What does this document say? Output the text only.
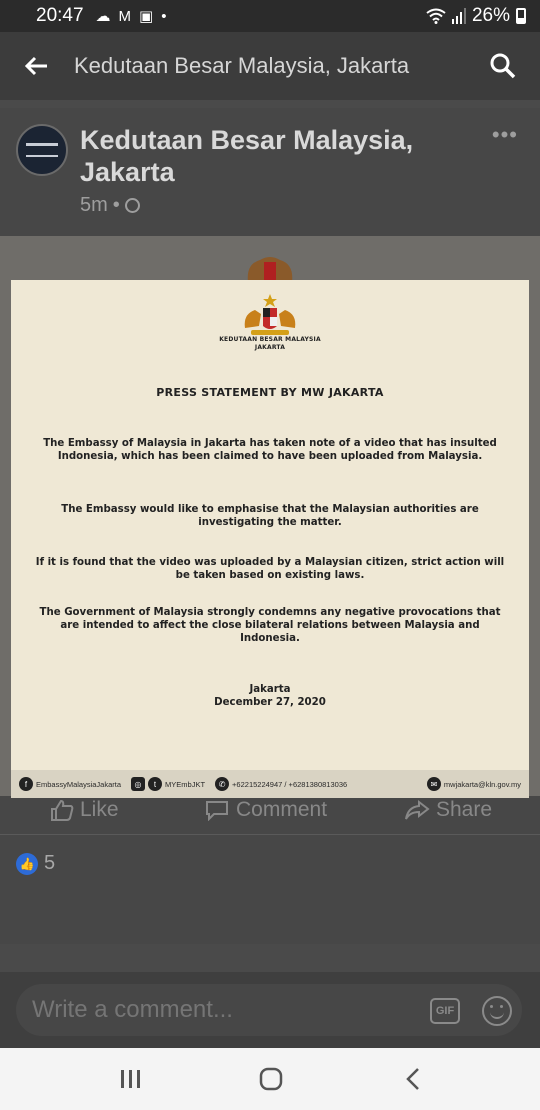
20:47 ☁ M ▣ •	26%
Kedutaan Besar Malaysia, Jakarta
Kedutaan Besar Malaysia, Jakarta
5m •
•••
Like	Comment	Share
👍 5
KEDUTAAN BESAR MALAYSIA
JAKARTA
PRESS STATEMENT BY MW JAKARTA
The Embassy of Malaysia in Jakarta has taken note of a video that has insulted Indonesia, which has been claimed to have been uploaded from Malaysia.
The Embassy would like to emphasise that the Malaysian authorities are investigating the matter.
If it is found that the video was uploaded by a Malaysian citizen, strict action will be taken based on existing laws.
The Government of Malaysia strongly condemns any negative provocations that are intended to affect the close bilateral relations between Malaysia and Indonesia.
Jakarta
December 27, 2020
f	EmbassyMalaysiaJakarta	◎	t	MYEmbJKT	✆ +62215224947 / +6281380813036	✉ mwjakarta@kln.gov.my
Write a comment...
GIF
